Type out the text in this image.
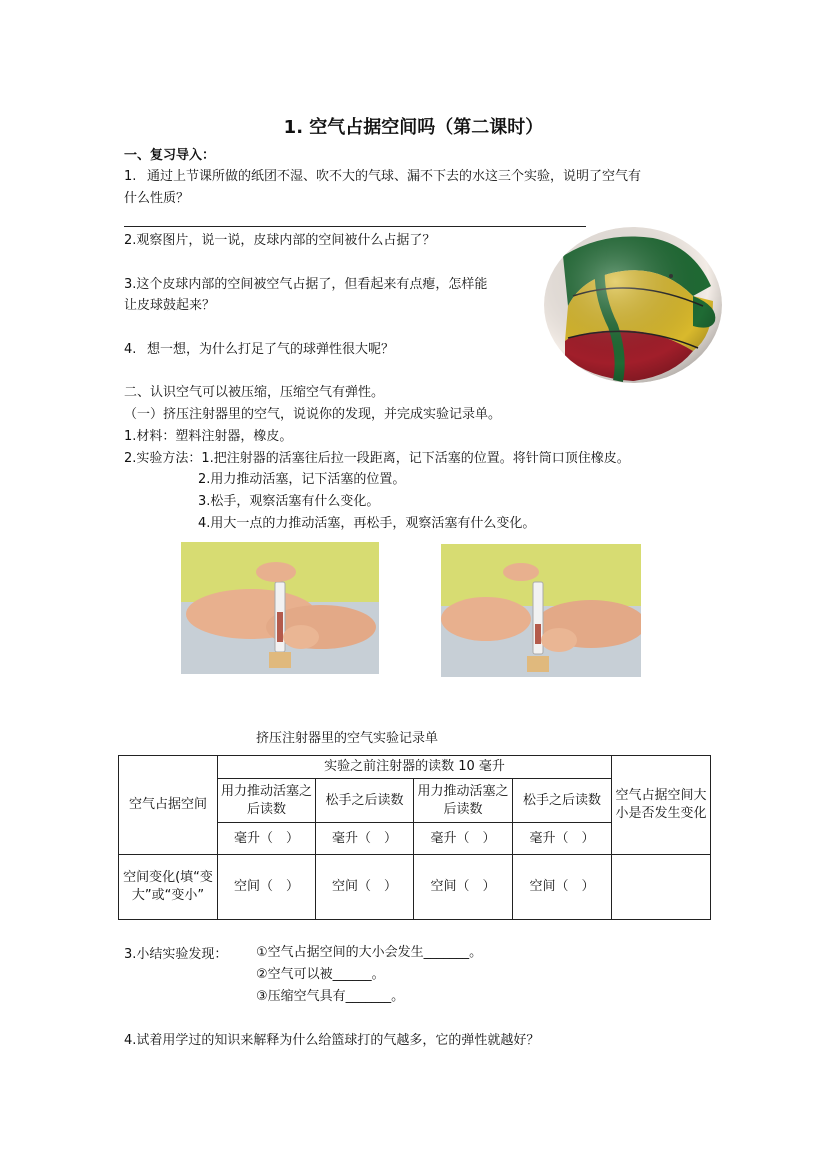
1. 空气占据空间吗（第二课时）
一、复习导入：
1. 通过上节课所做的纸团不湿、吹不大的气球、漏不下去的水这三个实验，说明了空气有
什么性质？
2.观察图片，说一说，皮球内部的空间被什么占据了？
3.这个皮球内部的空间被空气占据了，但看起来有点瘪，怎样能
让皮球鼓起来？
4. 想一想，为什么打足了气的球弹性很大呢？
二、认识空气可以被压缩，压缩空气有弹性。
（一）挤压注射器里的空气，说说你的发现，并完成实验记录单。
1.材料：塑料注射器，橡皮。
2.实验方法：1.把注射器的活塞往后拉一段距离，记下活塞的位置。将针筒口顶住橡皮。
2.用力推动活塞，记下活塞的位置。
3.松手，观察活塞有什么变化。
4.用大一点的力推动活塞，再松手，观察活塞有什么变化。
挤压注射器里的空气实验记录单
空气占据空间	实验之前注射器的读数 10 毫升				空气占据空间大小是否发生变化
	用力推动活塞之后读数	松手之后读数	用力推动活塞之后读数	松手之后读数	
	毫升（　）	毫升（　）	毫升（　）	毫升（　）	
空间变化(填“变大”或“变小”	空间（　）	空间（　）	空间（　）	空间（　）	
3.小结实验发现： ①空气占据空间的大小会发生_______。
②空气可以被______。
③压缩空气具有_______。
4.试着用学过的知识来解释为什么给篮球打的气越多，它的弹性就越好？
